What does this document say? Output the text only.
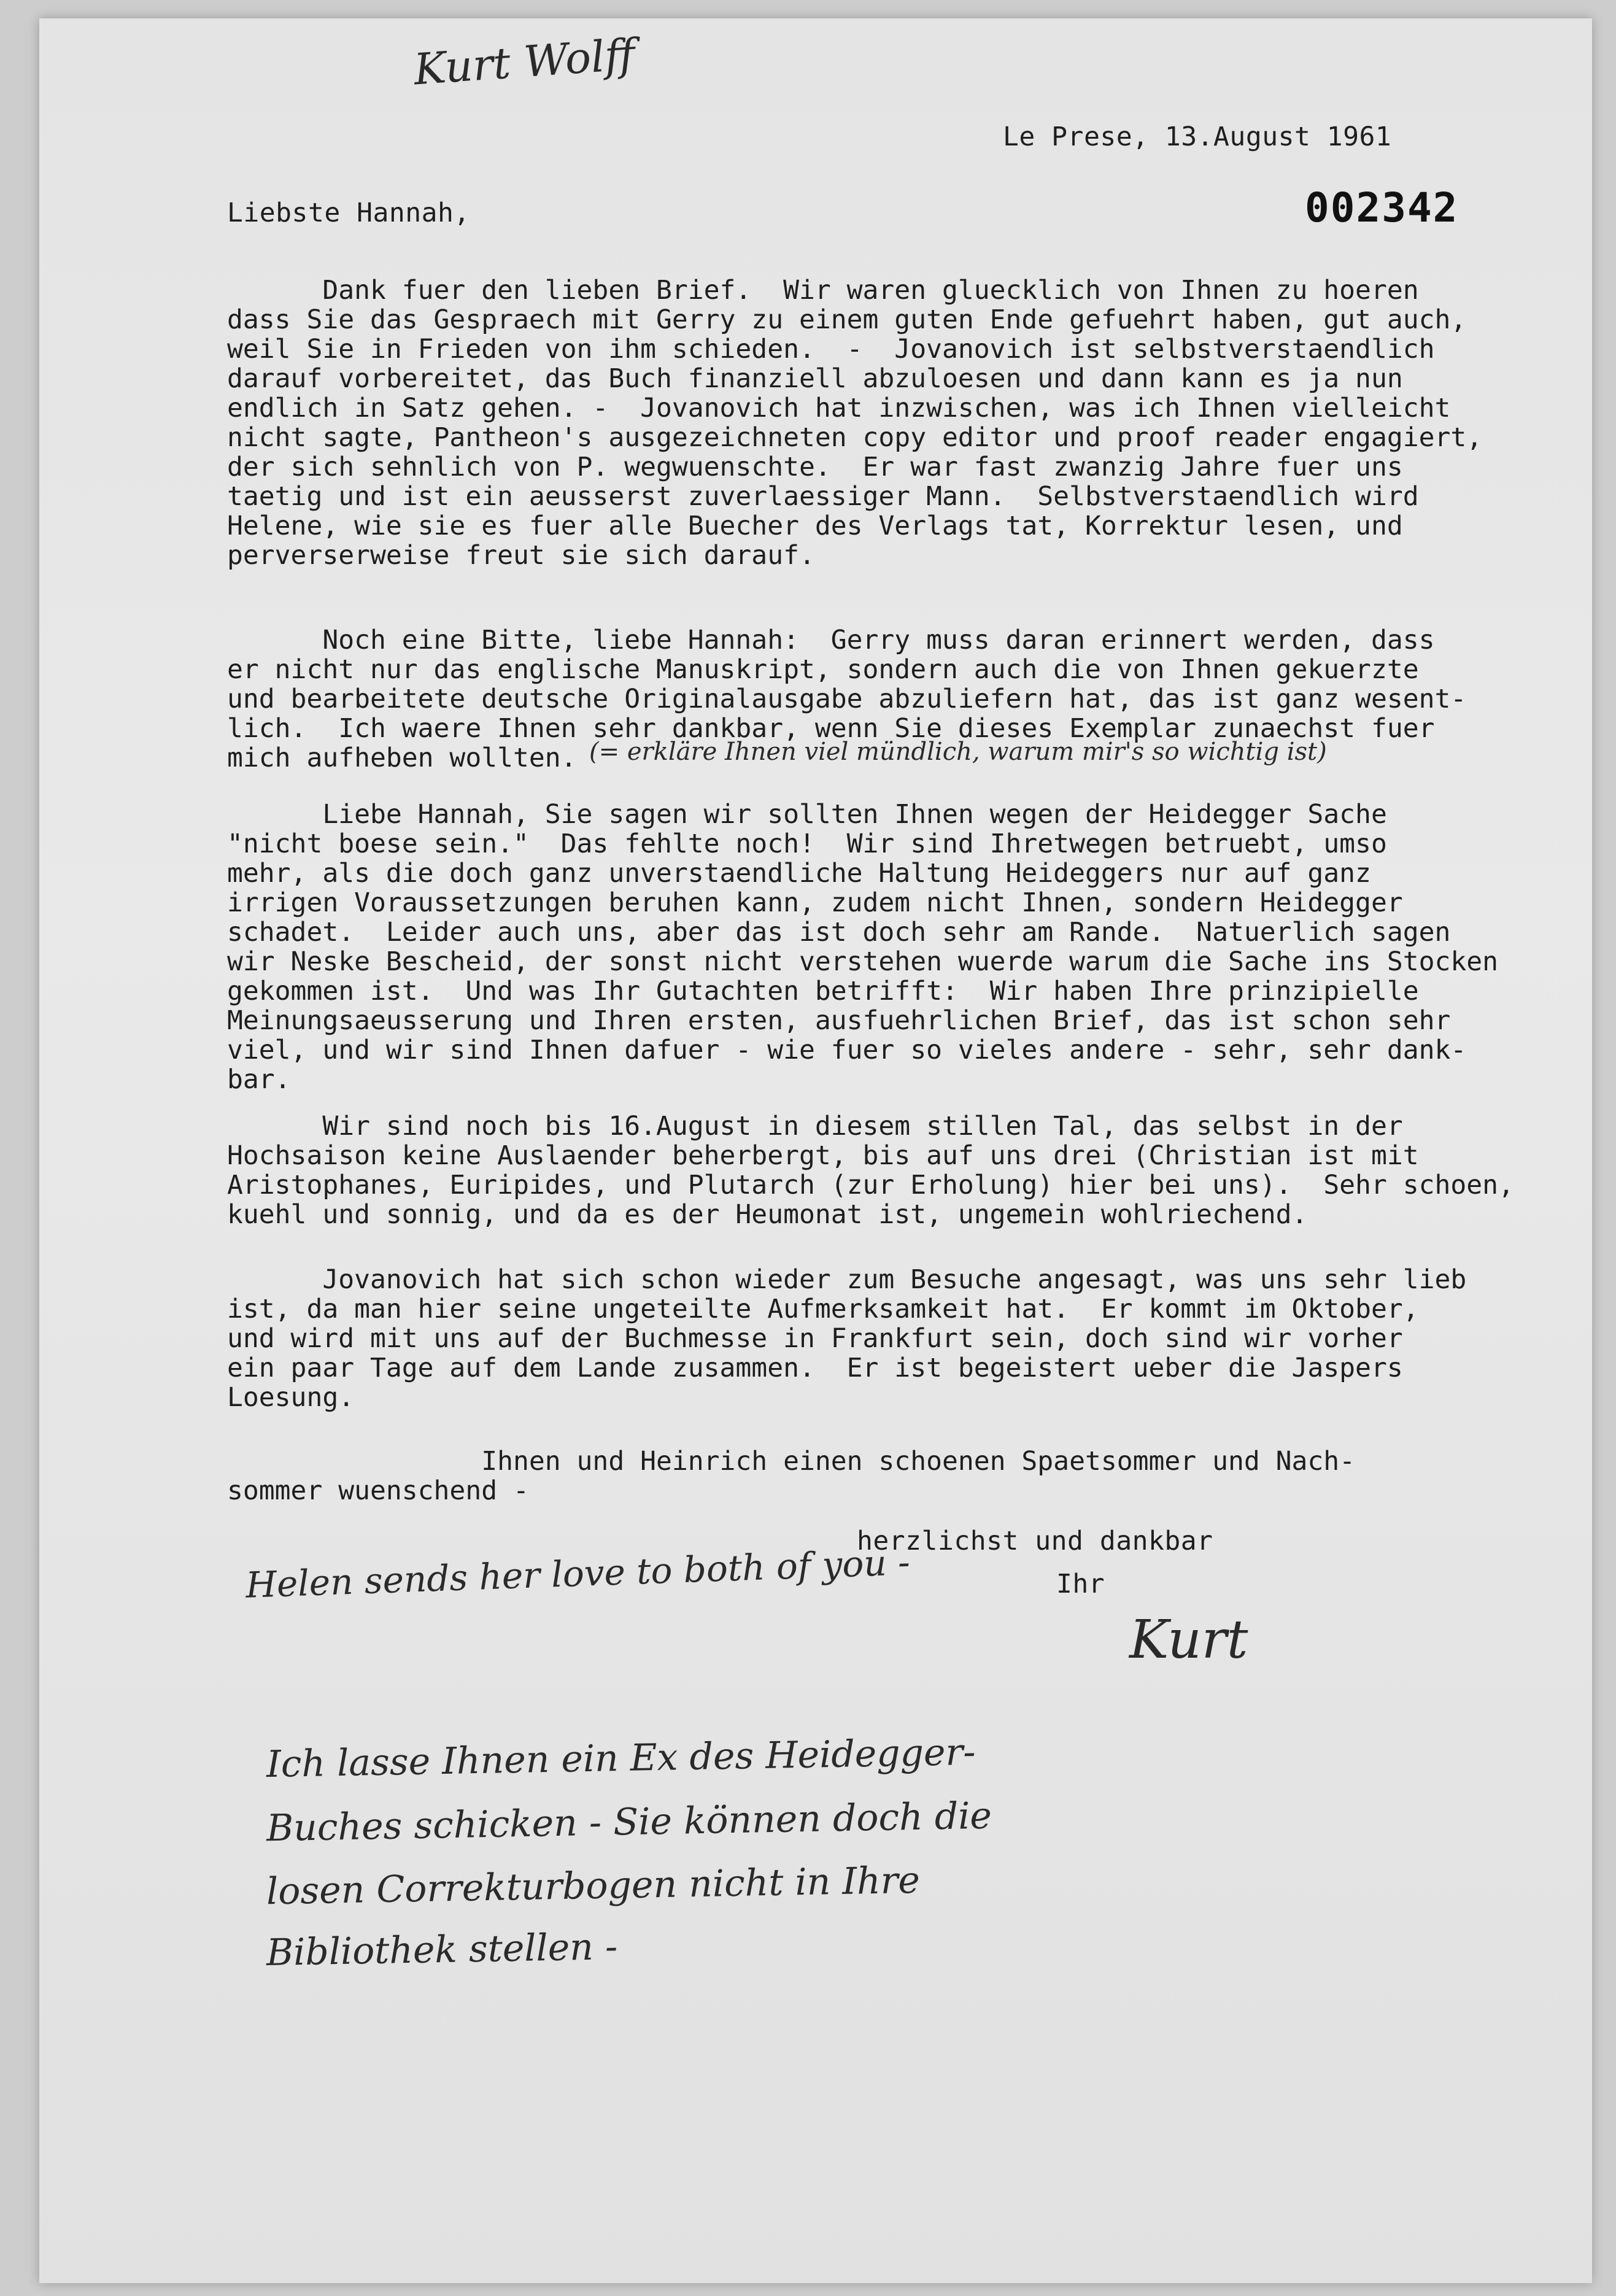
Kurt Wolff
Le Prese, 13.August 1961
Liebste Hannah,	002342
Dank fuer den lieben Brief.  Wir waren gluecklich von Ihnen zu hoeren
dass Sie das Gespraech mit Gerry zu einem guten Ende gefuehrt haben, gut auch,
weil Sie in Frieden von ihm schieden.  -  Jovanovich ist selbstverstaendlich
darauf vorbereitet, das Buch finanziell abzuloesen und dann kann es ja nun
endlich in Satz gehen. -  Jovanovich hat inzwischen, was ich Ihnen vielleicht
nicht sagte, Pantheon's ausgezeichneten copy editor und proof reader engagiert,
der sich sehnlich von P. wegwuenschte.  Er war fast zwanzig Jahre fuer uns
taetig und ist ein aeusserst zuverlaessiger Mann.  Selbstverstaendlich wird
Helene, wie sie es fuer alle Buecher des Verlags tat, Korrektur lesen, und
perverserweise freut sie sich darauf.
Noch eine Bitte, liebe Hannah:  Gerry muss daran erinnert werden, dass
er nicht nur das englische Manuskript, sondern auch die von Ihnen gekuerzte
und bearbeitete deutsche Originalausgabe abzuliefern hat, das ist ganz wesent-
lich.  Ich waere Ihnen sehr dankbar, wenn Sie dieses Exemplar zunaechst fuer
mich aufheben wollten. (= erkläre Ihnen viel mündlich, warum mir's so wichtig ist)
Liebe Hannah, Sie sagen wir sollten Ihnen wegen der Heidegger Sache
"nicht boese sein."  Das fehlte noch!  Wir sind Ihretwegen betruebt, umso
mehr, als die doch ganz unverstaendliche Haltung Heideggers nur auf ganz
irrigen Voraussetzungen beruhen kann, zudem nicht Ihnen, sondern Heidegger
schadet.  Leider auch uns, aber das ist doch sehr am Rande.  Natuerlich sagen
wir Neske Bescheid, der sonst nicht verstehen wuerde warum die Sache ins Stocken
gekommen ist.  Und was Ihr Gutachten betrifft:  Wir haben Ihre prinzipielle
Meinungsaeusserung und Ihren ersten, ausfuehrlichen Brief, das ist schon sehr
viel, und wir sind Ihnen dafuer - wie fuer so vieles andere - sehr, sehr dank-
bar.
Wir sind noch bis 16.August in diesem stillen Tal, das selbst in der
Hochsaison keine Auslaender beherbergt, bis auf uns drei (Christian ist mit
Aristophanes, Euripides, und Plutarch (zur Erholung) hier bei uns).  Sehr schoen,
kuehl und sonnig, und da es der Heumonat ist, ungemein wohlriechend.
Jovanovich hat sich schon wieder zum Besuche angesagt, was uns sehr lieb
ist, da man hier seine ungeteilte Aufmerksamkeit hat.  Er kommt im Oktober,
und wird mit uns auf der Buchmesse in Frankfurt sein, doch sind wir vorher
ein paar Tage auf dem Lande zusammen.  Er ist begeistert ueber die Jaspers
Loesung.
Ihnen und Heinrich einen schoenen Spaetsommer und Nach-
sommer wuenschend -
herzlichst und dankbar
Helen sends her love to both of you -	Ihr
Kurt
Ich lasse Ihnen ein Ex des Heidegger-
Buches schicken - Sie können doch die
losen Correkturbogen nicht in Ihre
Bibliothek stellen -
